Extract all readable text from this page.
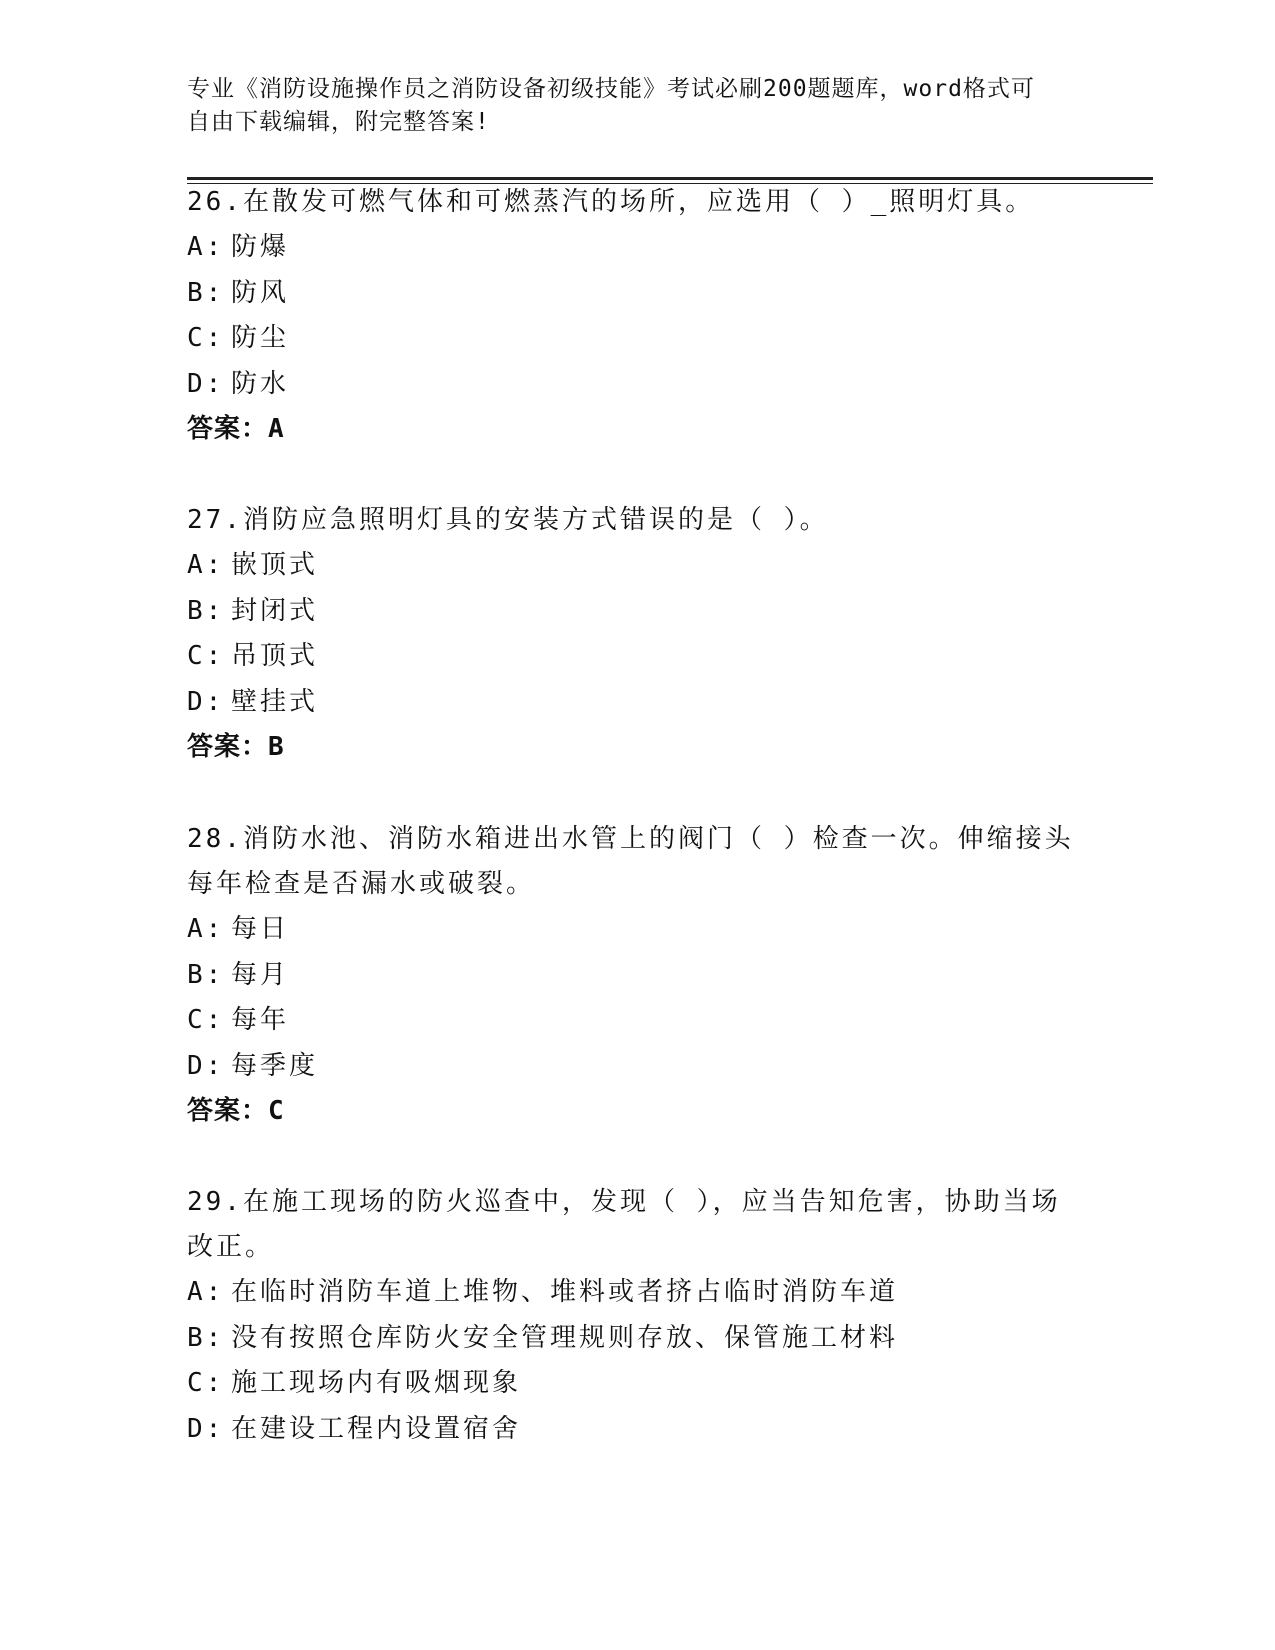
专业《消防设施操作员之消防设备初级技能》考试必刷200题题库，word格式可
自由下载编辑，附完整答案!
26.在散发可燃气体和可燃蒸汽的场所，应选用（ ）_照明灯具。
A: 防爆
B: 防风
C: 防尘
D: 防水
答案：A
27.消防应急照明灯具的安装方式错误的是（ ）。
A: 嵌顶式
B: 封闭式
C: 吊顶式
D: 壁挂式
答案：B
28.消防水池、消防水箱进出水管上的阀门（ ）检查一次。伸缩接头每年检查是否漏水或破裂。
A: 每日
B: 每月
C: 每年
D: 每季度
答案：C
29.在施工现场的防火巡查中，发现（ ），应当告知危害，协助当场改正。
A: 在临时消防车道上堆物、堆料或者挤占临时消防车道
B: 没有按照仓库防火安全管理规则存放、保管施工材料
C: 施工现场内有吸烟现象
D: 在建设工程内设置宿舍
